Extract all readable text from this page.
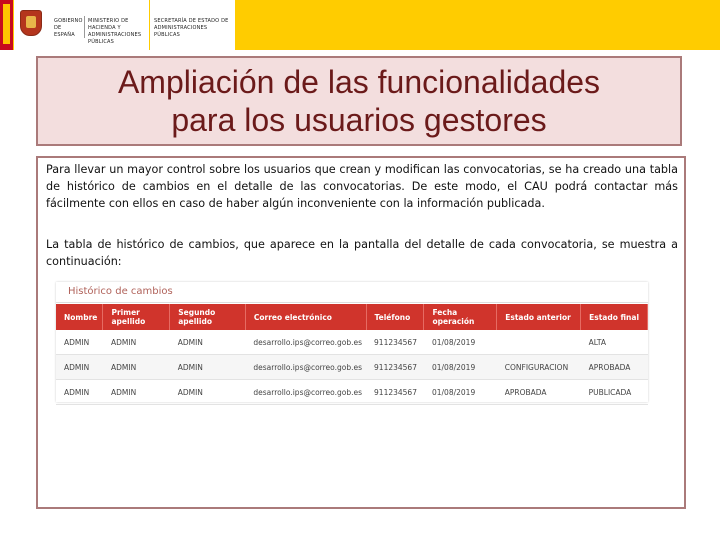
GOBIERNO
DE ESPAÑA
MINISTERIO DE HACIENDA Y ADMINISTRACIONES PÚBLICAS
SECRETARÍA DE ESTADO DE ADMINISTRACIONES PÚBLICAS
Ampliación de las funcionalidades
para los usuarios gestores

Para llevar un mayor control sobre los usuarios que crean y modifican las convocatorias, se ha creado una tabla de histórico de cambios en el detalle de las convocatorias. De este modo, el CAU podrá contactar más fácilmente con ellos en caso de haber algún inconveniente con la información publicada.

La tabla de histórico de cambios, que aparece en la pantalla del detalle de cada convocatoria, se muestra a continuación:

Histórico de cambios
Nombre	Primer apellido	Segundo apellido	Correo electrónico	Teléfono	Fecha operación	Estado anterior	Estado final
ADMIN	ADMIN	ADMIN	desarrollo.ips@correo.gob.es	911234567	01/08/2019		ALTA
ADMIN	ADMIN	ADMIN	desarrollo.ips@correo.gob.es	911234567	01/08/2019	CONFIGURACION	APROBADA
ADMIN	ADMIN	ADMIN	desarrollo.ips@correo.gob.es	911234567	01/08/2019	APROBADA	PUBLICADA
